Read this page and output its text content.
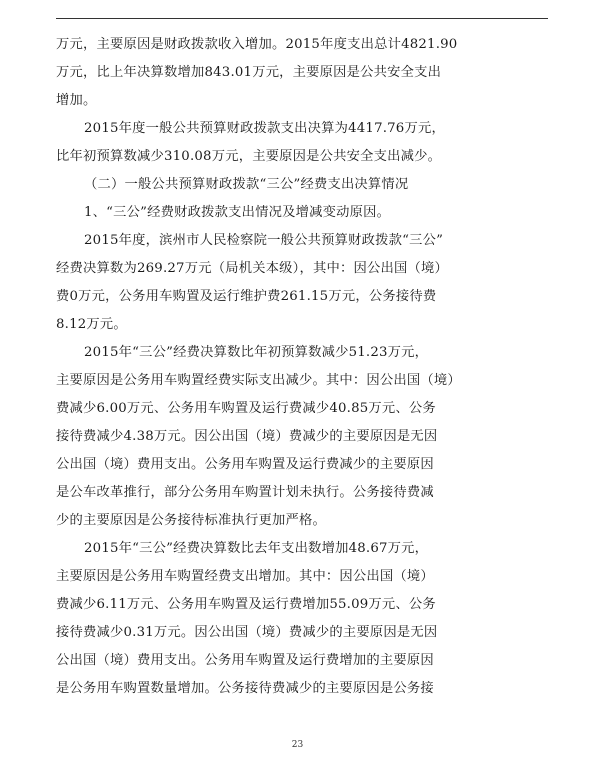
万元，主要原因是财政拨款收入增加。2015年度支出总计4821.90
万元，比上年决算数增加843.01万元，主要原因是公共安全支出
增加。
2015年度一般公共预算财政拨款支出决算为4417.76万元，
比年初预算数减少310.08万元，主要原因是公共安全支出减少。
（二）一般公共预算财政拨款“三公”经费支出决算情况
1、“三公”经费财政拨款支出情况及增减变动原因。
2015年度，滨州市人民检察院一般公共预算财政拨款“三公”
经费决算数为269.27万元（局机关本级），其中：因公出国（境）
费0万元，公务用车购置及运行维护费261.15万元，公务接待费
8.12万元。
2015年“三公”经费决算数比年初预算数减少51.23万元，
主要原因是公务用车购置经费实际支出减少。其中：因公出国（境）
费减少6.00万元、公务用车购置及运行费减少40.85万元、公务
接待费减少4.38万元。因公出国（境）费减少的主要原因是无因
公出国（境）费用支出。公务用车购置及运行费减少的主要原因
是公车改革推行，部分公务用车购置计划未执行。公务接待费减
少的主要原因是公务接待标准执行更加严格。
2015年“三公”经费决算数比去年支出数增加48.67万元，
主要原因是公务用车购置经费支出增加。其中：因公出国（境）
费减少6.11万元、公务用车购置及运行费增加55.09万元、公务
接待费减少0.31万元。因公出国（境）费减少的主要原因是无因
公出国（境）费用支出。公务用车购置及运行费增加的主要原因
是公务用车购置数量增加。公务接待费减少的主要原因是公务接
23
